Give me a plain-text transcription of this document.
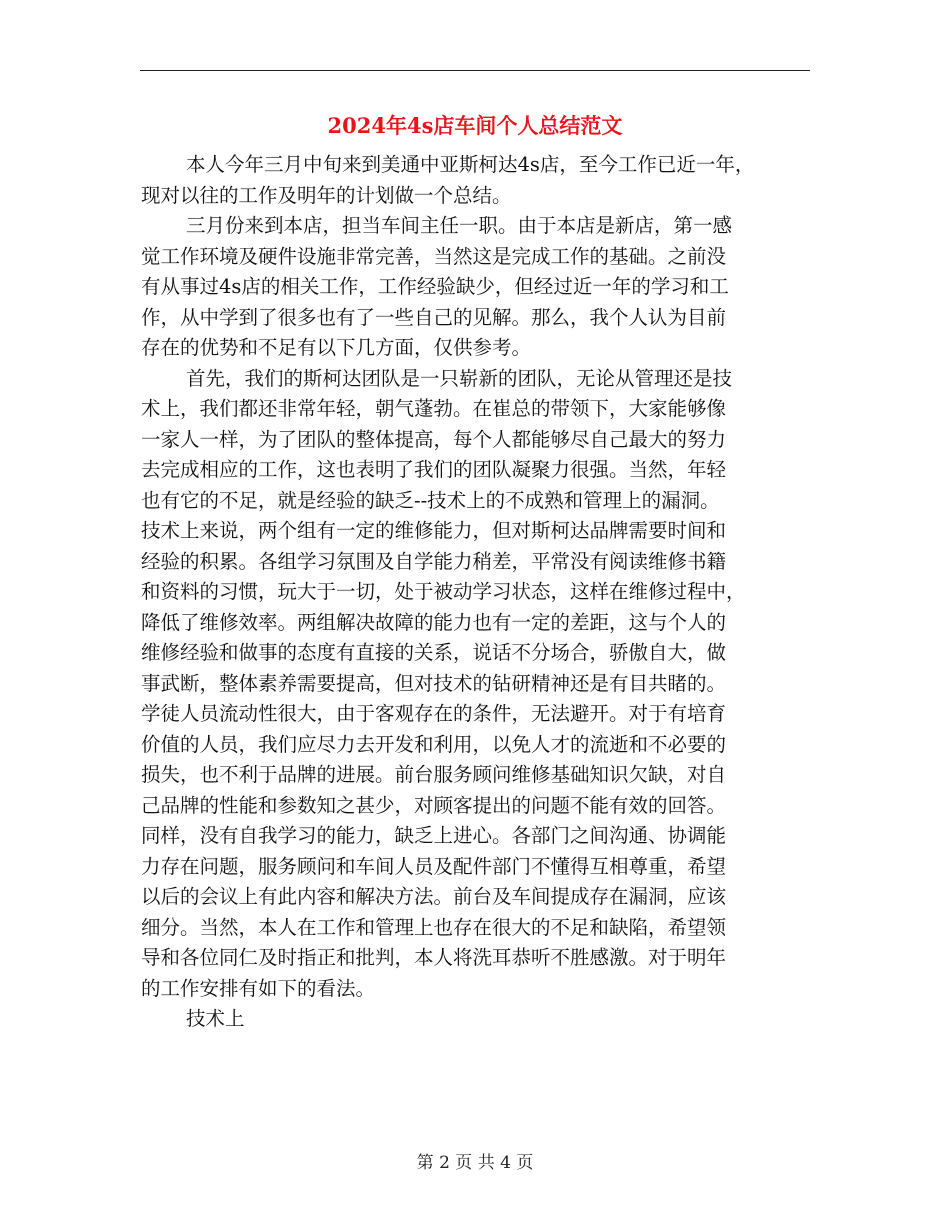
2024年4s店车间个人总结范文
本人今年三月中旬来到美通中亚斯柯达4s店，至今工作已近一年，
现对以往的工作及明年的计划做一个总结。
三月份来到本店，担当车间主任一职。由于本店是新店，第一感
觉工作环境及硬件设施非常完善，当然这是完成工作的基础。之前没
有从事过4s店的相关工作，工作经验缺少，但经过近一年的学习和工
作，从中学到了很多也有了一些自己的见解。那么，我个人认为目前
存在的优势和不足有以下几方面，仅供参考。
首先，我们的斯柯达团队是一只崭新的团队，无论从管理还是技
术上，我们都还非常年轻，朝气蓬勃。在崔总的带领下，大家能够像
一家人一样，为了团队的整体提高，每个人都能够尽自己最大的努力
去完成相应的工作，这也表明了我们的团队凝聚力很强。当然，年轻
也有它的不足，就是经验的缺乏--技术上的不成熟和管理上的漏洞。
技术上来说，两个组有一定的维修能力，但对斯柯达品牌需要时间和
经验的积累。各组学习氛围及自学能力稍差，平常没有阅读维修书籍
和资料的习惯，玩大于一切，处于被动学习状态，这样在维修过程中，
降低了维修效率。两组解决故障的能力也有一定的差距，这与个人的
维修经验和做事的态度有直接的关系，说话不分场合，骄傲自大，做
事武断，整体素养需要提高，但对技术的钻研精神还是有目共睹的。
学徒人员流动性很大，由于客观存在的条件，无法避开。对于有培育
价值的人员，我们应尽力去开发和利用，以免人才的流逝和不必要的
损失，也不利于品牌的进展。前台服务顾问维修基础知识欠缺，对自
己品牌的性能和参数知之甚少，对顾客提出的问题不能有效的回答。
同样，没有自我学习的能力，缺乏上进心。各部门之间沟通、协调能
力存在问题，服务顾问和车间人员及配件部门不懂得互相尊重，希望
以后的会议上有此内容和解决方法。前台及车间提成存在漏洞，应该
细分。当然，本人在工作和管理上也存在很大的不足和缺陷，希望领
导和各位同仁及时指正和批判，本人将洗耳恭听不胜感激。对于明年
的工作安排有如下的看法。
技术上
第 2 页 共 4 页
